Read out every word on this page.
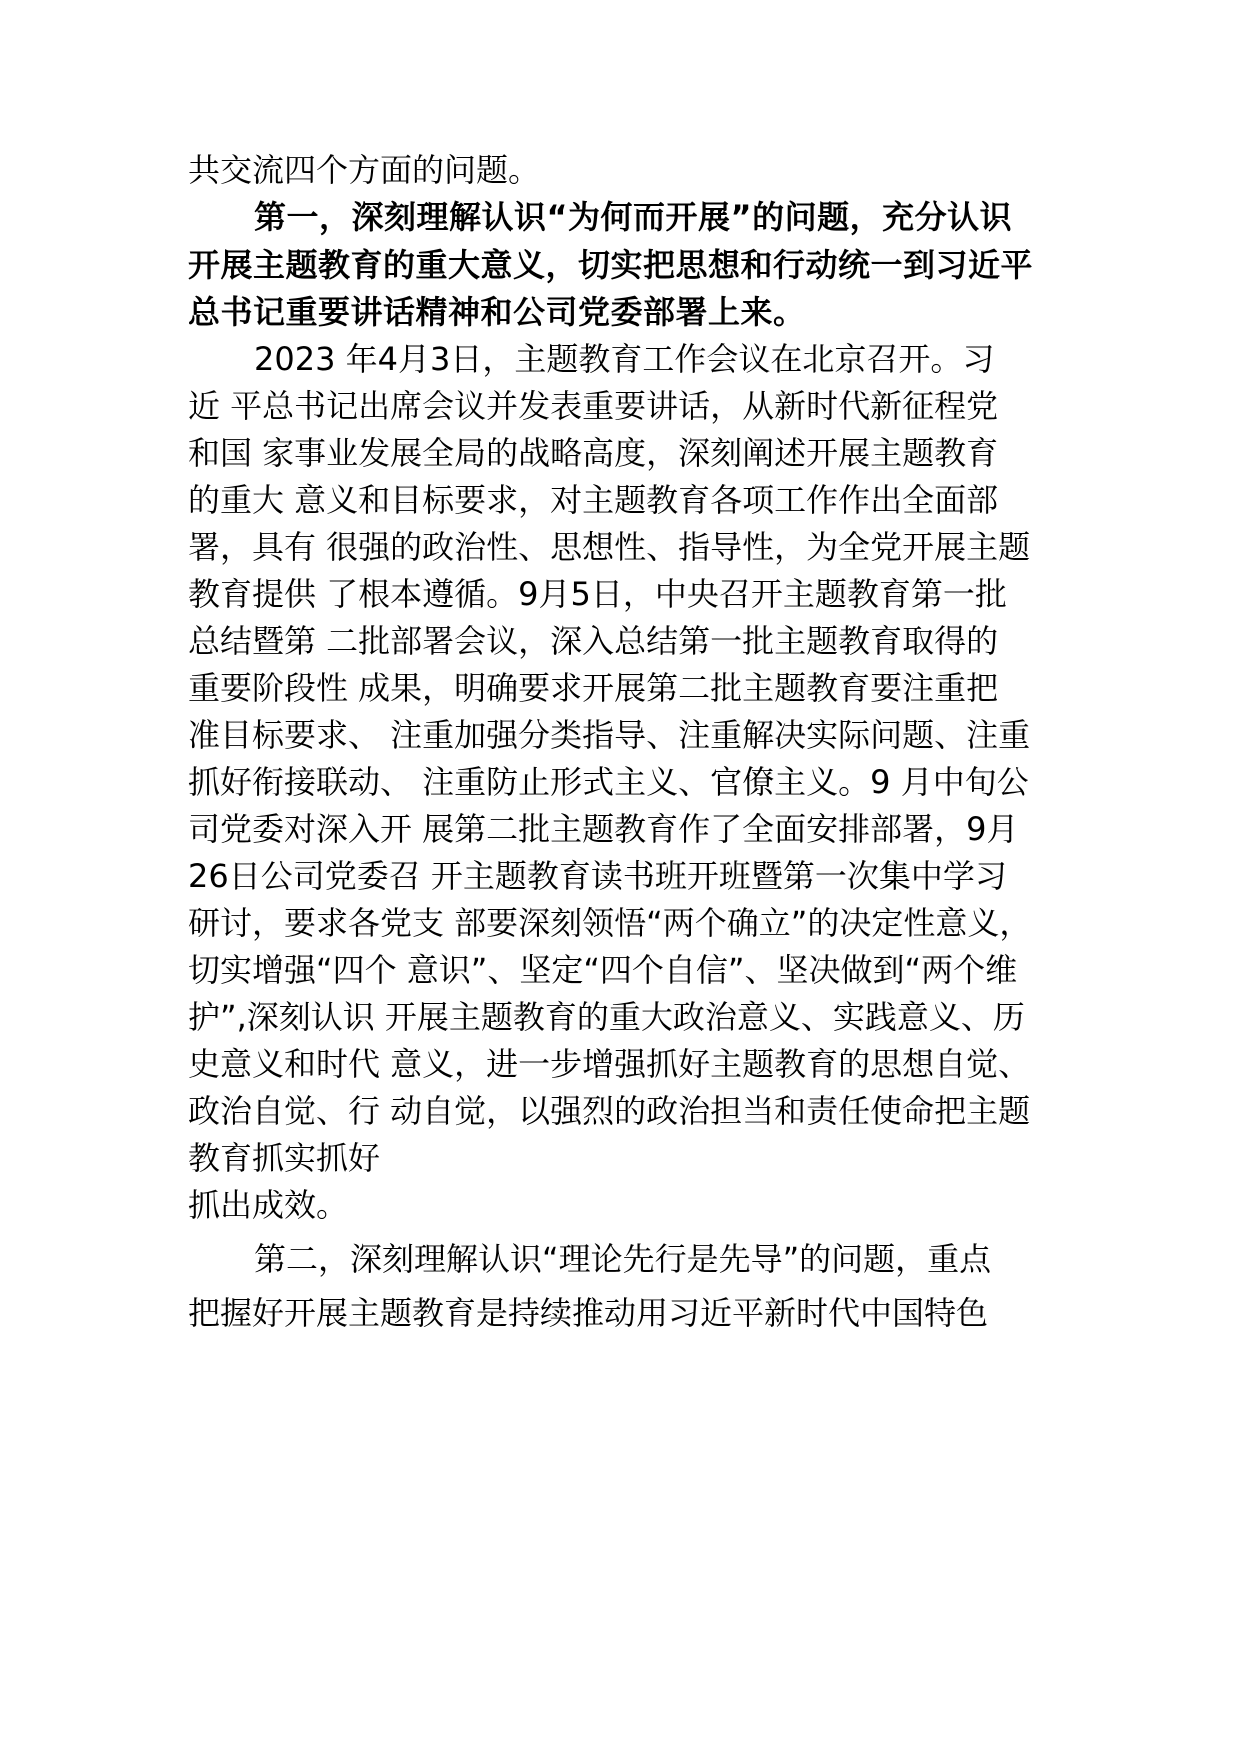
共交流四个方面的问题。
第一，深刻理解认识“为何而开展”的问题，充分认识
开展主题教育的重大意义，切实把思想和行动统一到习近平
总书记重要讲话精神和公司党委部署上来。
2023 年4月3日，主题教育工作会议在北京召开。习
近 平总书记出席会议并发表重要讲话，从新时代新征程党
和国 家事业发展全局的战略高度，深刻阐述开展主题教育
的重大 意义和目标要求，对主题教育各项工作作出全面部
署，具有 很强的政治性、思想性、指导性，为全党开展主题
教育提供 了根本遵循。9月5日，中央召开主题教育第一批
总结暨第 二批部署会议，深入总结第一批主题教育取得的
重要阶段性 成果，明确要求开展第二批主题教育要注重把
准目标要求、 注重加强分类指导、注重解决实际问题、注重
抓好衔接联动、 注重防止形式主义、官僚主义。9 月中旬公
司党委对深入开 展第二批主题教育作了全面安排部署，9月
26日公司党委召 开主题教育读书班开班暨第一次集中学习
研讨，要求各党支 部要深刻领悟“两个确立”的决定性意义，
切实增强“四个 意识”、坚定“四个自信”、坚决做到“两个维
护”,深刻认识 开展主题教育的重大政治意义、实践意义、历
史意义和时代 意义，进一步增强抓好主题教育的思想自觉、
政治自觉、行 动自觉，以强烈的政治担当和责任使命把主题
教育抓实抓好
抓出成效。
第二，深刻理解认识“理论先行是先导”的问题，重点
把握好开展主题教育是持续推动用习近平新时代中国特色
